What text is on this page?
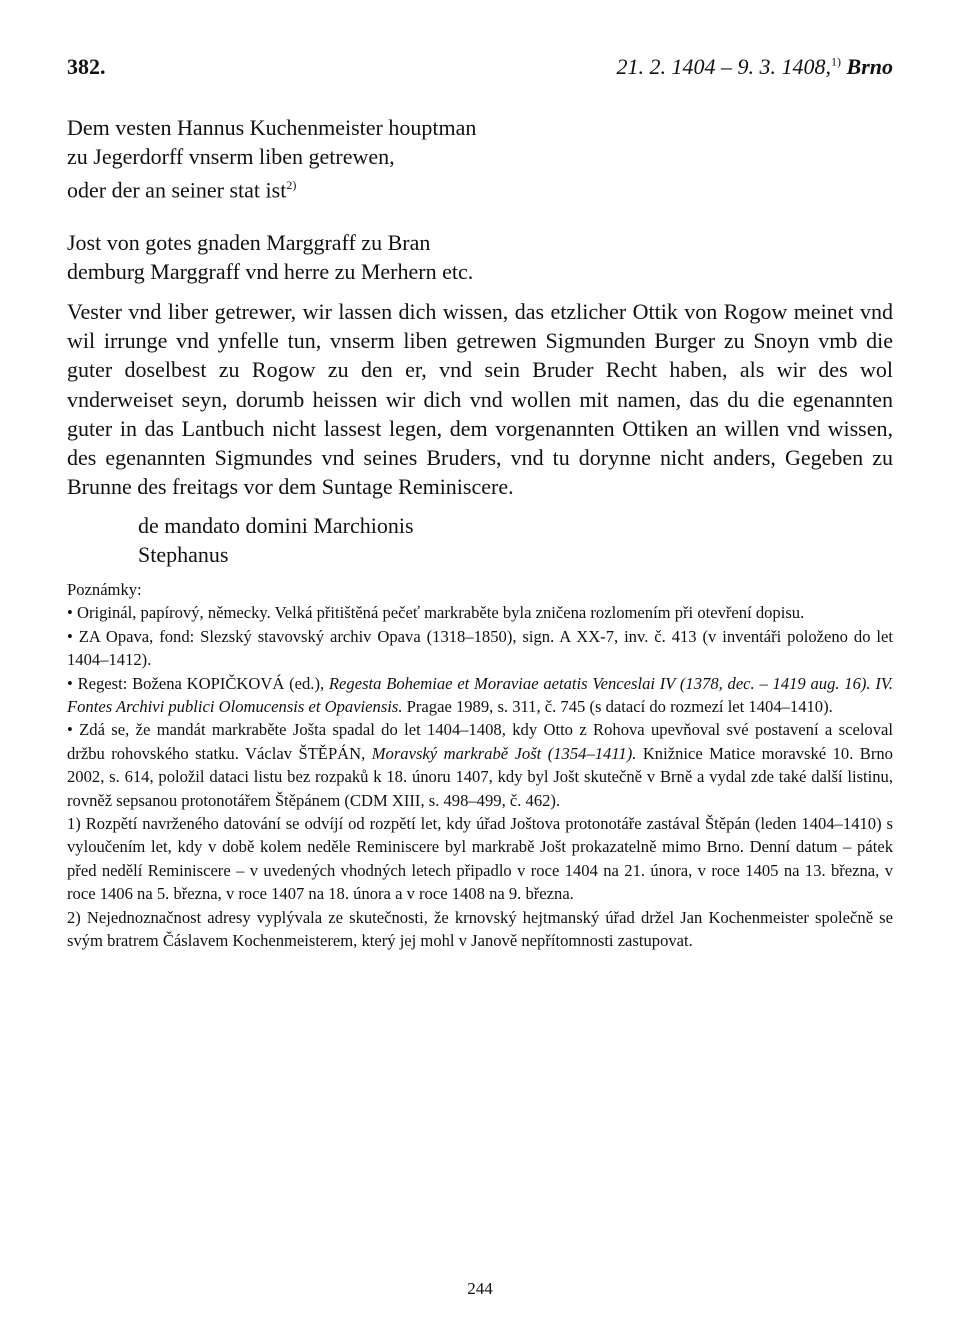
382.	21. 2. 1404 – 9. 3. 1408,$^{1)}$ Brno
Dem vesten Hannus Kuchenmeister houptman
zu Jegerdorff vnserm liben getrewen,
oder der an seiner stat ist$^{2)}$
Jost von gotes gnaden Marggraff zu Bran
demburg Marggraff vnd herre zu Merhern etc.
Vester vnd liber getrewer, wir lassen dich wissen, das etzlicher Ottik von Rogow meinet vnd wil irrunge vnd ynfelle tun, vnserm liben getrewen Sigmunden Burger zu Snoyn vmb die guter doselbest zu Rogow zu den er, vnd sein Bruder Recht haben, als wir des wol vnderweiset seyn, dorumb heissen wir dich vnd wollen mit namen, das du die egenannten guter in das Lantbuch nicht lassest legen, dem vorgenannten Ottiken an willen vnd wissen, des egenannten Sigmundes vnd seines Bruders, vnd tu dorynne nicht anders, Gegeben zu Brunne des freitags vor dem Suntage Reminiscere.
de mandato domini Marchionis
Stephanus

Poznámky:

• Originál, papírový, německy. Velká přitištěná pečeť markraběte byla zničena rozlomením při otevření dopisu.

• ZA Opava, fond: Slezský stavovský archiv Opava (1318–1850), sign. A XX-7, inv. č. 413 (v inventáři položeno do let 1404–1412).

• Regest: Božena KOPIČKOVÁ (ed.), Regesta Bohemiae et Moraviae aetatis Venceslai IV (1378, dec. – 1419 aug. 16). IV. Fontes Archivi publici Olomucensis et Opaviensis. Pragae 1989, s. 311, č. 745 (s datací do rozmezí let 1404–1410).

• Zdá se, že mandát markraběte Jošta spadal do let 1404–1408, kdy Otto z Rohova upevňoval své postavení a sceloval držbu rohovského statku. Václav ŠTĚPÁN, Moravský markrabě Jošt (1354–1411). Knižnice Matice moravské 10. Brno 2002, s. 614, položil dataci listu bez rozpaků k 18. únoru 1407, kdy byl Jošt skutečně v Brně a vydal zde také další listinu, rovněž sepsanou protonotářem Štěpánem (CDM XIII, s. 498–499, č. 462).

1) Rozpětí navrženého datování se odvíjí od rozpětí let, kdy úřad Joštova protonotáře zastával Štěpán (leden 1404–1410) s vyloučením let, kdy v době kolem neděle Reminiscere byl markrabě Jošt prokazatelně mimo Brno. Denní datum – pátek před nedělí Reminiscere – v uvedených vhodných letech připadlo v roce 1404 na 21. února, v roce 1405 na 13. března, v roce 1406 na 5. března, v roce 1407 na 18. února a v roce 1408 na 9. března.

2) Nejednoznačnost adresy vyplývala ze skutečnosti, že krnovský hejtmanský úřad držel Jan Kochenmeister společně se svým bratrem Čáslavem Kochenmeisterem, který jej mohl v Janově nepřítomnosti zastupovat.

244
